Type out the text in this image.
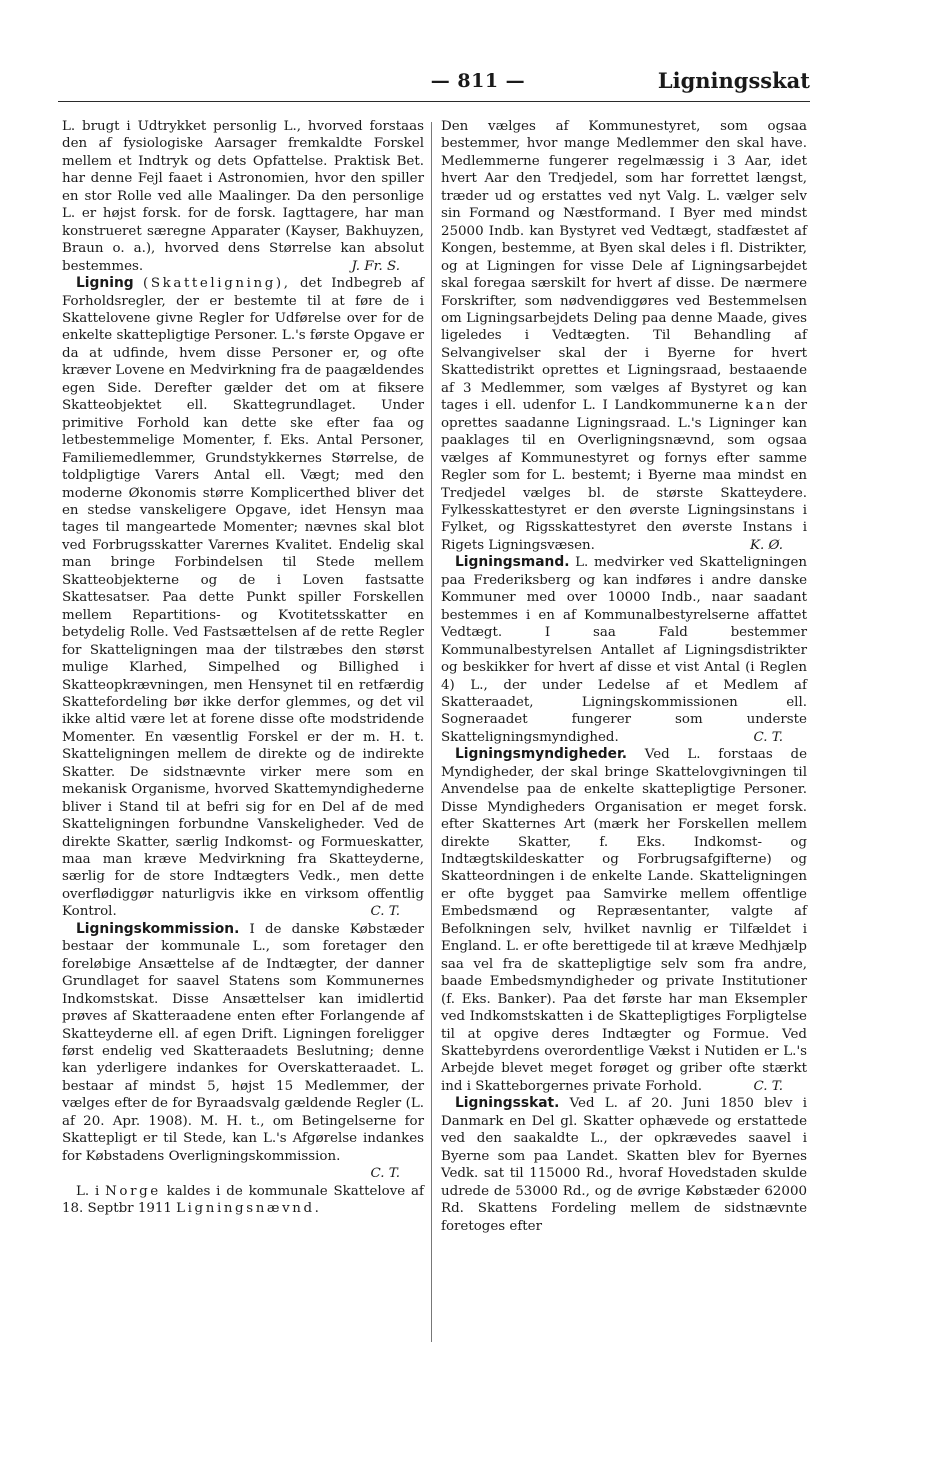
— 811 —	Ligningsskat

L. brugt i Udtrykket personlig L., hvorved forstaas den af fysiologiske Aarsager fremkaldte Forskel mellem et Indtryk og dets Opfattelse. Praktisk Bet. har denne Fejl faaet i Astronomien, hvor den spiller en stor Rolle ved alle Maalinger. Da den personlige L. er højst forsk. for de forsk. Iagttagere, har man konstrueret særegne Apparater (Kayser, Bakhuyzen, Braun o. a.), hvorved dens Størrelse kan absolut bestemmes.	J. Fr. S.

Ligning (Skatteligning), det Indbegreb af Forholdsregler, der er bestemte til at føre de i Skattelovene givne Regler for Udførelse over for de enkelte skattepligtige Personer. L.'s første Opgave er da at udfinde, hvem disse Personer er, og ofte kræver Lovene en Medvirkning fra de paagældendes egen Side. Derefter gælder det om at fiksere Skatteobjektet ell. Skattegrundlaget. Under primitive Forhold kan dette ske efter faa og letbestemmelige Momenter, f. Eks. Antal Personer, Familiemedlemmer, Grundstykkernes Størrelse, de toldpligtige Varers Antal ell. Vægt; med den moderne Økonomis større Komplicerthed bliver det en stedse vanskeligere Opgave, idet Hensyn maa tages til mangeartede Momenter; nævnes skal blot ved Forbrugsskatter Varernes Kvalitet. Endelig skal man bringe Forbindelsen til Stede mellem Skatteobjekterne og de i Loven fastsatte Skattesatser. Paa dette Punkt spiller Forskellen mellem Repartitions- og Kvotitetsskatter en betydelig Rolle. Ved Fastsættelsen af de rette Regler for Skatteligningen maa der tilstræbes den størst mulige Klarhed, Simpelhed og Billighed i Skatteopkrævningen, men Hensynet til en retfærdig Skattefordeling bør ikke derfor glemmes, og det vil ikke altid være let at forene disse ofte modstridende Momenter. En væsentlig Forskel er der m. H. t. Skatteligningen mellem de direkte og de indirekte Skatter. De sidstnævnte virker mere som en mekanisk Organisme, hvorved Skattemyndighederne bliver i Stand til at befri sig for en Del af de med Skatteligningen forbundne Vanskeligheder. Ved de direkte Skatter, særlig Indkomst- og Formueskatter, maa man kræve Medvirkning fra Skatteyderne, særlig for de store Indtægters Vedk., men dette overflødiggør naturligvis ikke en virksom offentlig Kontrol.	C. T.

Ligningskommission. I de danske Købstæder bestaar der kommunale L., som foretager den foreløbige Ansættelse af de Indtægter, der danner Grundlaget for saavel Statens som Kommunernes Indkomstskat. Disse Ansættelser kan imidlertid prøves af Skatteraadene enten efter Forlangende af Skatteyderne ell. af egen Drift. Ligningen foreligger først endelig ved Skatteraadets Beslutning; denne kan yderligere indankes for Overskatteraadet. L. bestaar af mindst 5, højst 15 Medlemmer, der vælges efter de for Byraadsvalg gældende Regler (L. af 20. Apr. 1908). M. H. t., om Betingelserne for Skattepligt er til Stede, kan L.'s Afgørelse indankes for Købstadens Overligningskommission.

C. T.

L. i Norge kaldes i de kommunale Skattelove af 18. Septbr 1911 Ligningsnævnd.

Den vælges af Kommunestyret, som ogsaa bestemmer, hvor mange Medlemmer den skal have. Medlemmerne fungerer regelmæssig i 3 Aar, idet hvert Aar den Tredjedel, som har forrettet længst, træder ud og erstattes ved nyt Valg. L. vælger selv sin Formand og Næstformand. I Byer med mindst 25000 Indb. kan Bystyret ved Vedtægt, stadfæstet af Kongen, bestemme, at Byen skal deles i fl. Distrikter, og at Ligningen for visse Dele af Ligningsarbejdet skal foregaa særskilt for hvert af disse. De nærmere Forskrifter, som nødvendiggøres ved Bestemmelsen om Ligningsarbejdets Deling paa denne Maade, gives ligeledes i Vedtægten. Til Behandling af Selvangivelser skal der i Byerne for hvert Skattedistrikt oprettes et Ligningsraad, bestaaende af 3 Medlemmer, som vælges af Bystyret og kan tages i ell. udenfor L. I Landkommunerne kan der oprettes saadanne Ligningsraad. L.'s Ligninger kan paaklages til en Overligningsnævnd, som ogsaa vælges af Kommunestyret og fornys efter samme Regler som for L. bestemt; i Byerne maa mindst en Tredjedel vælges bl. de største Skatteydere. Fylkesskattestyret er den øverste Ligningsinstans i Fylket, og Rigsskattestyret den øverste Instans i Rigets Ligningsvæsen.	K. Ø.

Ligningsmand. L. medvirker ved Skatteligningen paa Frederiksberg og kan indføres i andre danske Kommuner med over 10000 Indb., naar saadant bestemmes i en af Kommunalbestyrelserne affattet Vedtægt. I saa Fald bestemmer Kommunalbestyrelsen Antallet af Ligningsdistrikter og beskikker for hvert af disse et vist Antal (i Reglen 4) L., der under Ledelse af et Medlem af Skatteraadet, Ligningskommissionen ell. Sogneraadet fungerer som underste Skatteligningsmyndighed.	C. T.

Ligningsmyndigheder. Ved L. forstaas de Myndigheder, der skal bringe Skattelovgivningen til Anvendelse paa de enkelte skattepligtige Personer. Disse Myndigheders Organisation er meget forsk. efter Skatternes Art (mærk her Forskellen mellem direkte Skatter, f. Eks. Indkomst- og Indtægtskildeskatter og Forbrugsafgifterne) og Skatteordningen i de enkelte Lande. Skatteligningen er ofte bygget paa Samvirke mellem offentlige Embedsmænd og Repræsentanter, valgte af Befolkningen selv, hvilket navnlig er Tilfældet i England. L. er ofte berettigede til at kræve Medhjælp saa vel fra de skattepligtige selv som fra andre, baade Embedsmyndigheder og private Institutioner (f. Eks. Banker). Paa det første har man Eksempler ved Indkomstskatten i de Skattepligtiges Forpligtelse til at opgive deres Indtægter og Formue. Ved Skattebyrdens overordentlige Vækst i Nutiden er L.'s Arbejde blevet meget forøget og griber ofte stærkt ind i Skatteborgernes private Forhold.	C. T.

Ligningsskat. Ved L. af 20. Juni 1850 blev i Danmark en Del gl. Skatter ophævede og erstattede ved den saakaldte L., der opkrævedes saavel i Byerne som paa Landet. Skatten blev for Byernes Vedk. sat til 115000 Rd., hvoraf Hovedstaden skulde udrede de 53000 Rd., og de øvrige Købstæder 62000 Rd. Skattens Fordeling mellem de sidstnævnte foretoges efter
